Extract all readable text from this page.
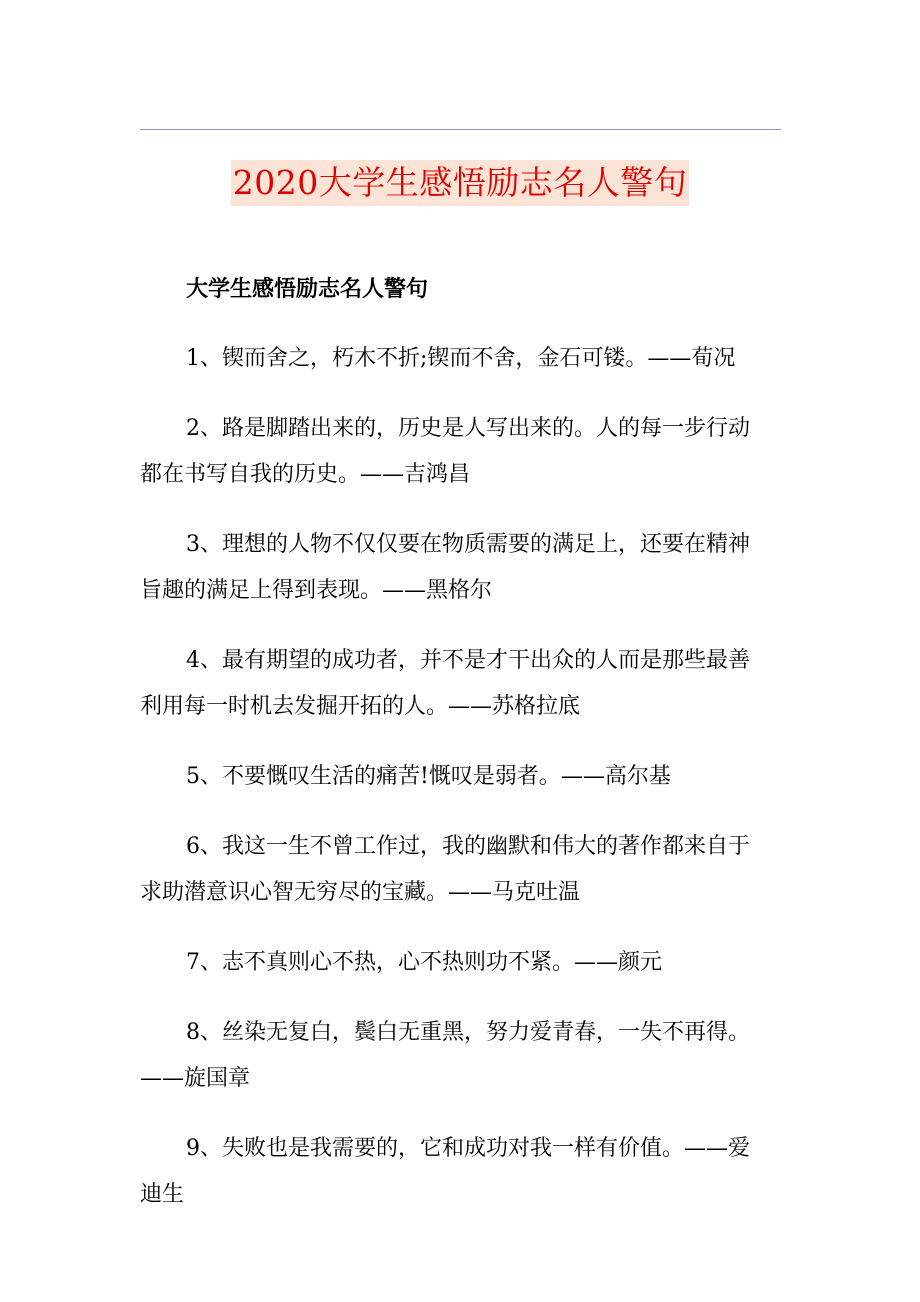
2020大学生感悟励志名人警句

大学生感悟励志名人警句

1、锲而舍之，朽木不折;锲而不舍，金石可镂。——荀况

2、路是脚踏出来的，历史是人写出来的。人的每一步行动
都在书写自我的历史。——吉鸿昌

3、理想的人物不仅仅要在物质需要的满足上，还要在精神
旨趣的满足上得到表现。——黑格尔

4、最有期望的成功者，并不是才干出众的人而是那些最善
利用每一时机去发掘开拓的人。——苏格拉底

5、不要慨叹生活的痛苦!慨叹是弱者。——高尔基

6、我这一生不曾工作过，我的幽默和伟大的著作都来自于
求助潜意识心智无穷尽的宝藏。——马克吐温

7、志不真则心不热，心不热则功不紧。——颜元

8、丝染无复白，鬓白无重黑，努力爱青春，一失不再得。
——旋国章

9、失败也是我需要的，它和成功对我一样有价值。——爱
迪生
